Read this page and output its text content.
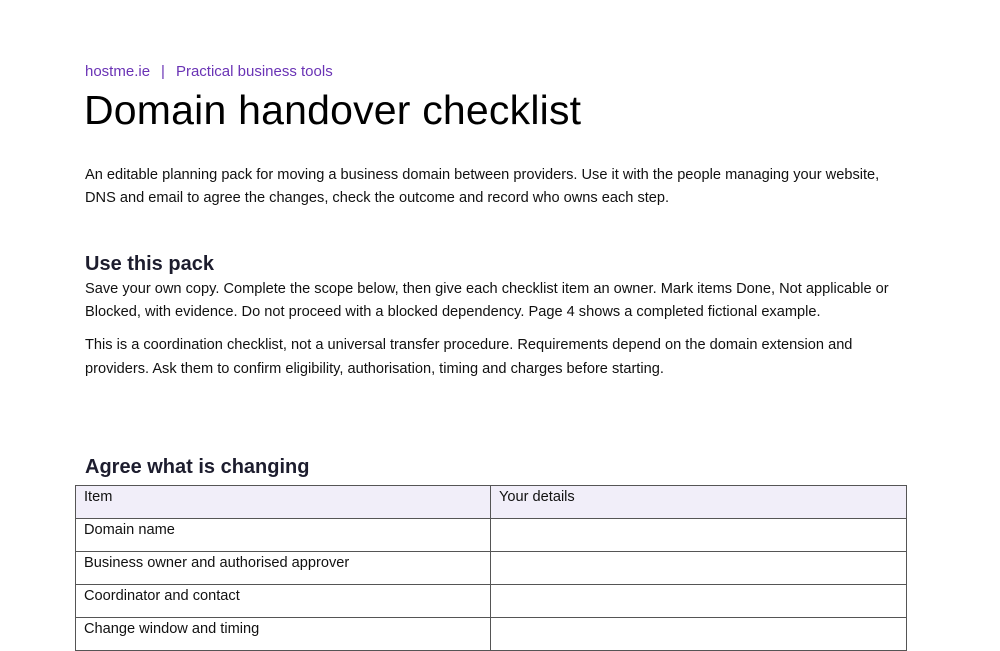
hostme.ie | Practical business tools
Domain handover checklist
An editable planning pack for moving a business domain between providers. Use it with the people managing your website, DNS and email to agree the changes, check the outcome and record who owns each step.
Use this pack

Save your own copy. Complete the scope below, then give each checklist item an owner. Mark items Done, Not applicable or Blocked, with evidence. Do not proceed with a blocked dependency. Page 4 shows a completed fictional example.

This is a coordination checklist, not a universal transfer procedure. Requirements depend on the domain extension and providers. Ask them to confirm eligibility, authorisation, timing and charges before starting.

Agree what is changing
Item	Your details
Domain name	
Business owner and authorised approver	
Coordinator and contact	
Change window and timing	
